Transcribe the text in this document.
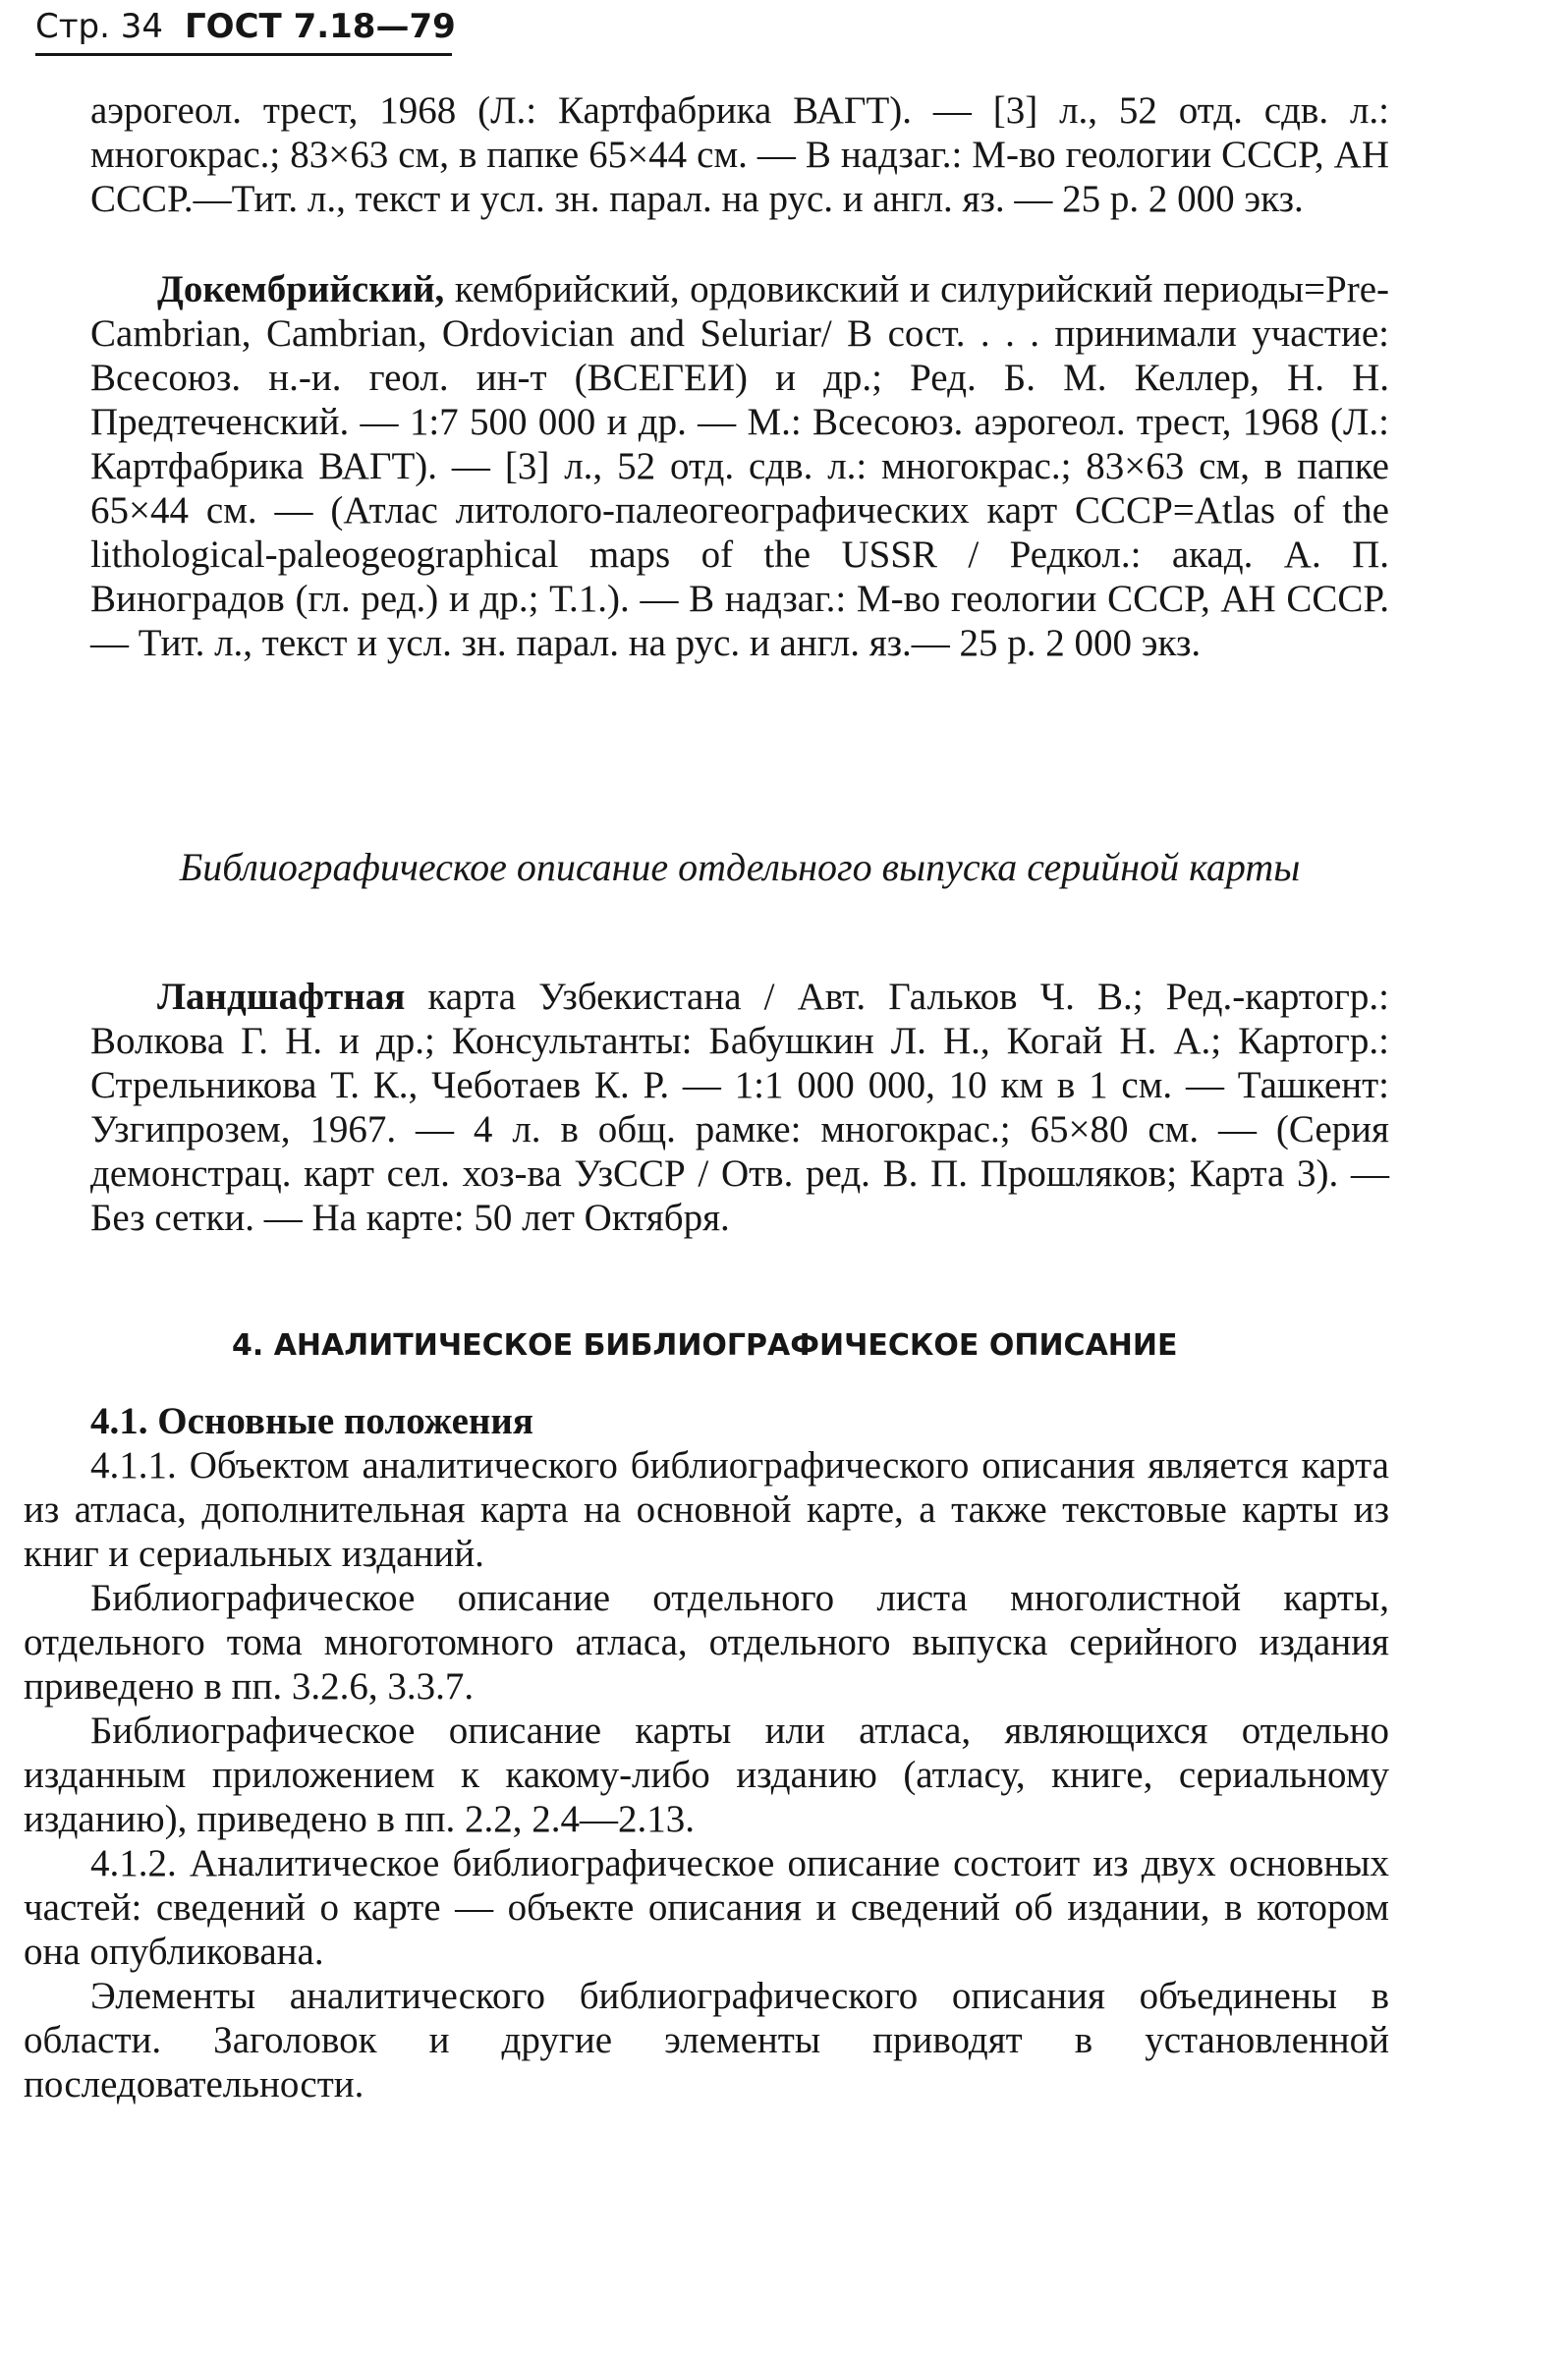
Стр. 34 ГОСТ 7.18—79

аэрогеол. трест, 1968 (Л.: Картфабрика ВАГТ). — [3] л., 52 отд. сдв. л.: многокрас.; 83×63 см, в папке 65×44 см. — В надзаг.: М-во геологии СССР, АН СССР.—Тит. л., текст и усл. зн. парал. на рус. и англ. яз. — 25 р. 2 000 экз.

Докембрийский, кембрийский, ордовикский и силурийский периоды=Pre-Cambrian, Cambrian, Ordovician and Seluriar/ В сост. . . . принимали участие: Всесоюз. н.-и. геол. ин-т (ВСЕГЕИ) и др.; Ред. Б. М. Келлер, Н. Н. Предтеченский. — 1:7 500 000 и др. — М.: Всесоюз. аэрогеол. трест, 1968 (Л.: Картфабрика ВАГТ). — [3] л., 52 отд. сдв. л.: многокрас.; 83×63 см, в папке 65×44 см. — (Атлас литолого-палеогеографических карт СССР=Atlas of the lithological-paleogeographical maps of the USSR / Редкол.: акад. А. П. Виноградов (гл. ред.) и др.; Т.1.). — В надзаг.: М-во геологии СССР, АН СССР. — Тит. л., текст и усл. зн. парал. на рус. и англ. яз.— 25 р. 2 000 экз.

Библиографическое описание отдельного выпуска серийной карты

Ландшафтная карта Узбекистана / Авт. Гальков Ч. В.; Ред.-картогр.: Волкова Г. Н. и др.; Консультанты: Бабушкин Л. Н., Когай Н. А.; Картогр.: Стрельникова Т. К., Чеботаев К. Р. — 1:1 000 000, 10 км в 1 см. — Ташкент: Узгипрозем, 1967. — 4 л. в общ. рамке: многокрас.; 65×80 см. — (Серия демонстрац. карт сел. хоз-ва УзССР / Отв. ред. В. П. Прошляков; Карта 3). — Без сетки. — На карте: 50 лет Октября.

4. АНАЛИТИЧЕСКОЕ БИБЛИОГРАФИЧЕСКОЕ ОПИСАНИЕ

4.1. Основные положения

4.1.1. Объектом аналитического библиографического описания является карта из атласа, дополнительная карта на основной карте, а также текстовые карты из книг и сериальных изданий.

Библиографическое описание отдельного листа многолистной карты, отдельного тома многотомного атласа, отдельного выпуска серийного издания приведено в пп. 3.2.6, 3.3.7.

Библиографическое описание карты или атласа, являющихся отдельно изданным приложением к какому-либо изданию (атласу, книге, сериальному изданию), приведено в пп. 2.2, 2.4—2.13.

4.1.2. Аналитическое библиографическое описание состоит из двух основных частей: сведений о карте — объекте описания и сведений об издании, в котором она опубликована.

Элементы аналитического библиографического описания объединены в области. Заголовок и другие элементы приводят в установленной последовательности.
